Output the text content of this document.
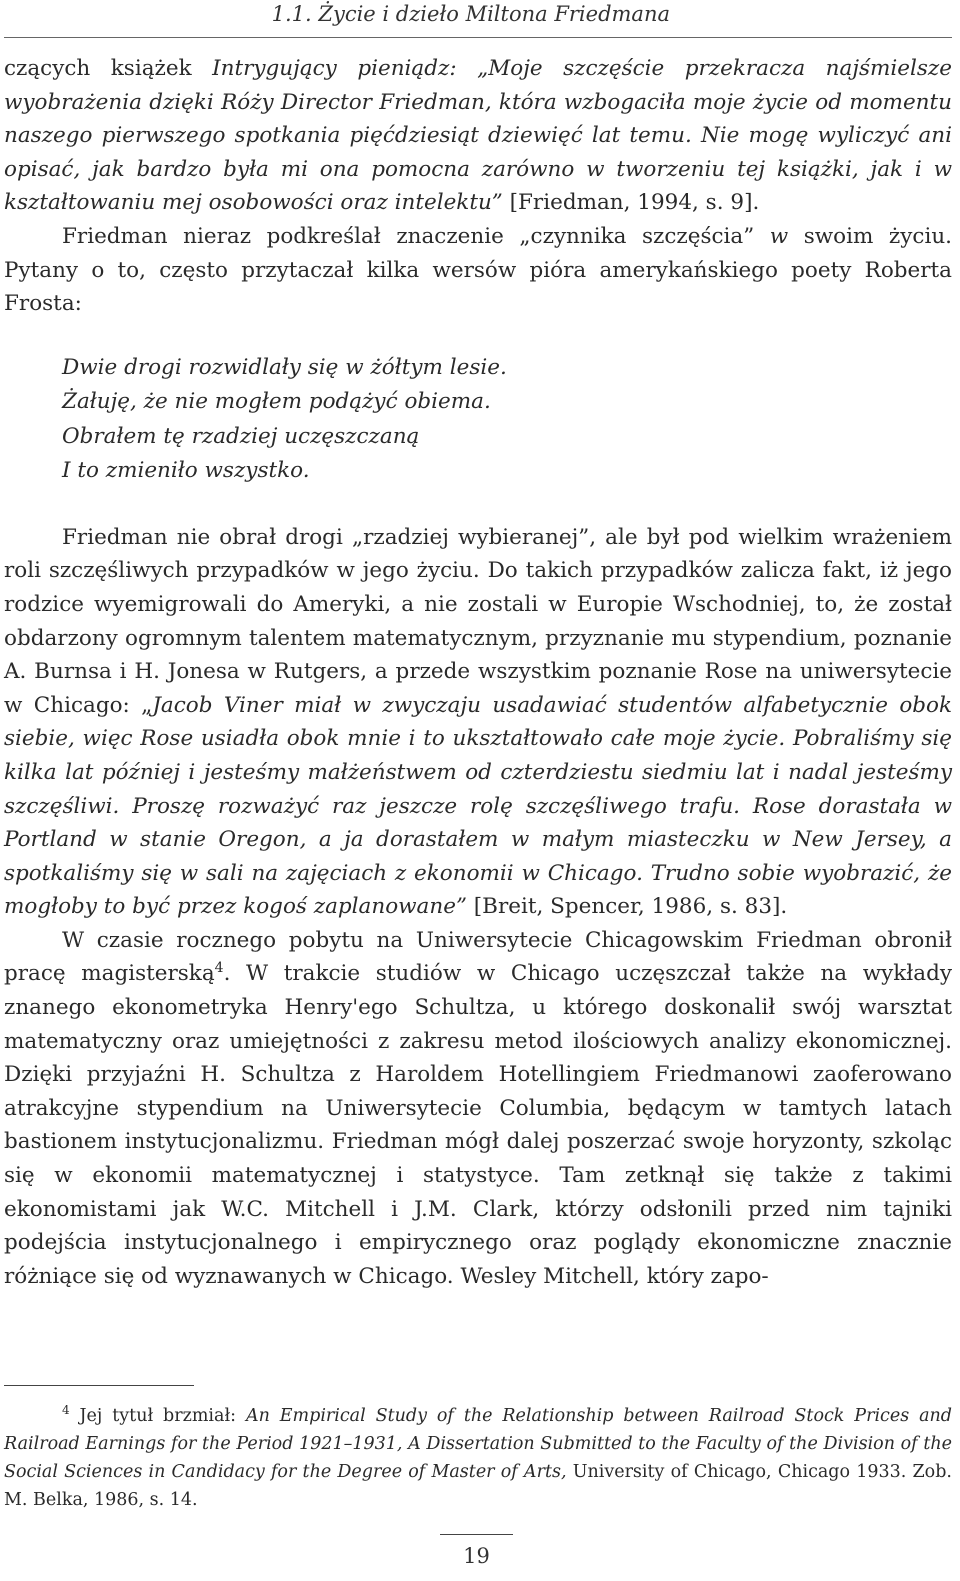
1.1. Życie i dzieło Miltona Friedmana

czących książek Intrygujący pieniądz: „Moje szczęście przekracza najśmielsze wyobrażenia dzięki Róży Director Friedman, która wzbogaciła moje życie od momentu naszego pierwszego spotkania pięćdziesiąt dziewięć lat temu. Nie mogę wyliczyć ani opisać, jak bardzo była mi ona pomocna zarówno w tworzeniu tej książki, jak i w kształtowaniu mej osobowości oraz intelektu” [Friedman, 1994, s. 9].

Friedman nieraz podkreślał znaczenie „czynnika szczęścia” w swoim życiu. Pytany o to, często przytaczał kilka wersów pióra amerykańskiego poety Roberta Frosta:

Dwie drogi rozwidlały się w żółtym lesie.
Żałuję, że nie mogłem podążyć obiema.
Obrałem tę rzadziej uczęszczaną
I to zmieniło wszystko.

Friedman nie obrał drogi „rzadziej wybieranej”, ale był pod wielkim wrażeniem roli szczęśliwych przypadków w jego życiu. Do takich przypadków zalicza fakt, iż jego rodzice wyemigrowali do Ameryki, a nie zostali w Europie Wschodniej, to, że został obdarzony ogromnym talentem matematycznym, przyznanie mu stypendium, poznanie A. Burnsa i H. Jonesa w Rutgers, a przede wszystkim poznanie Rose na uniwersytecie w Chicago: „Jacob Viner miał w zwyczaju usadawiać studentów alfabetycznie obok siebie, więc Rose usiadła obok mnie i to ukształtowało całe moje życie. Pobraliśmy się kilka lat później i jesteśmy małżeństwem od czterdziestu siedmiu lat i nadal jesteśmy szczęśliwi. Proszę rozważyć raz jeszcze rolę szczęśliwego trafu. Rose dorastała w Portland w stanie Oregon, a ja dorastałem w małym miasteczku w New Jersey, a spotkaliśmy się w sali na zajęciach z ekonomii w Chicago. Trudno sobie wyobrazić, że mogłoby to być przez kogoś zaplanowane” [Breit, Spencer, 1986, s. 83].

W czasie rocznego pobytu na Uniwersytecie Chicagowskim Friedman obronił pracę magisterską$^4$. W trakcie studiów w Chicago uczęszczał także na wykłady znanego ekonometryka Henry'ego Schultza, u którego doskonalił swój warsztat matematyczny oraz umiejętności z zakresu metod ilościowych analizy ekonomicznej. Dzięki przyjaźni H. Schultza z Haroldem Hotellingiem Friedmanowi zaoferowano atrakcyjne stypendium na Uniwersytecie Columbia, będącym w tamtych latach bastionem instytucjonalizmu. Friedman mógł dalej poszerzać swoje horyzonty, szkoląc się w ekonomii matematycznej i statystyce. Tam zetknął się także z takimi ekonomistami jak W.C. Mitchell i J.M. Clark, którzy odsłonili przed nim tajniki podejścia instytucjonalnego i empirycznego oraz poglądy ekonomiczne znacznie różniące się od wyznawanych w Chicago. Wesley Mitchell, który zapo-

$^4$ Jej tytuł brzmiał: An Empirical Study of the Relationship between Railroad Stock Prices and Railroad Earnings for the Period 1921–1931, A Dissertation Submitted to the Faculty of the Division of the Social Sciences in Candidacy for the Degree of Master of Arts, University of Chicago, Chicago 1933. Zob. M. Belka, 1986, s. 14.
19
